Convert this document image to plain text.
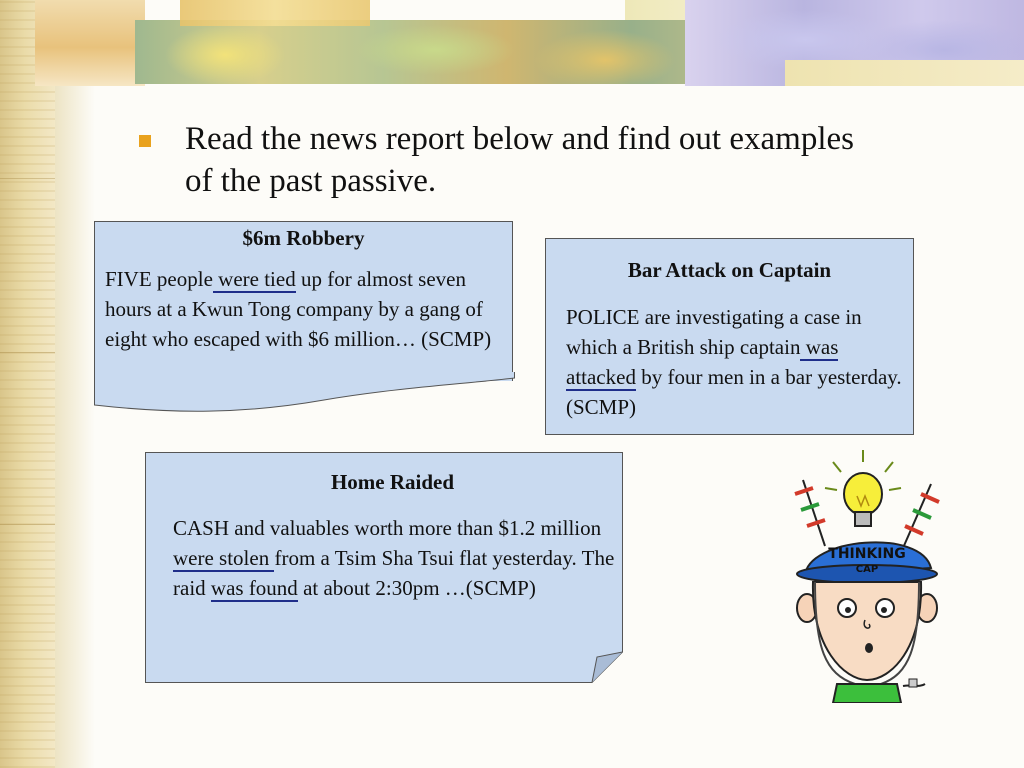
Read the news report below and find out examples of the past passive.
$6m Robbery

FIVE people were tied up for almost seven hours at a Kwun Tong company by a gang of eight who escaped with $6 million… (SCMP)

Bar Attack on Captain

POLICE are investigating a case in which a British ship captain was attacked by four men in a bar yesterday. (SCMP)

Home Raided

CASH and valuables worth more than $1.2 million were stolen from a Tsim Sha Tsui flat yesterday. The raid was found at about 2:30pm …(SCMP)

THINKING
CAP
